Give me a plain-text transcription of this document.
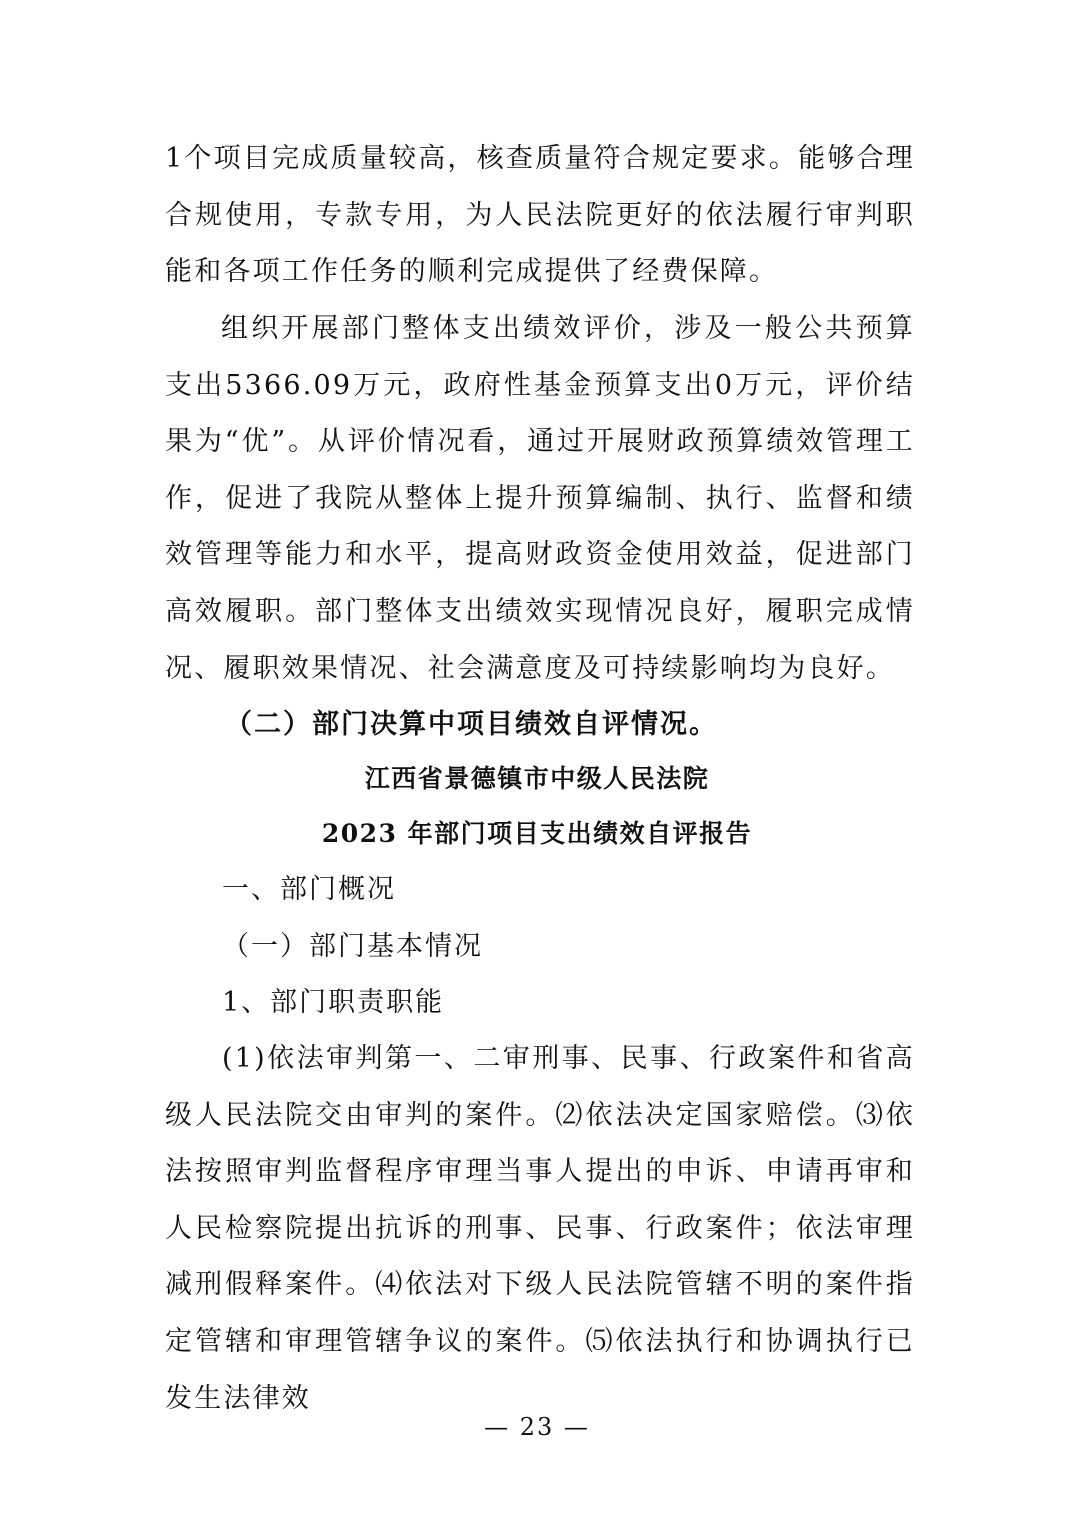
1个项目完成质量较高，核查质量符合规定要求。能够合理合规使用，专款专用，为人民法院更好的依法履行审判职能和各项工作任务的顺利完成提供了经费保障。

组织开展部门整体支出绩效评价，涉及一般公共预算支出5366.09万元，政府性基金预算支出0万元，评价结果为“优”。从评价情况看，通过开展财政预算绩效管理工作，促进了我院从整体上提升预算编制、执行、监督和绩效管理等能力和水平，提高财政资金使用效益，促进部门高效履职。部门整体支出绩效实现情况良好，履职完成情况、履职效果情况、社会满意度及可持续影响均为良好。

（二）部门决算中项目绩效自评情况。

江西省景德镇市中级人民法院

2023 年部门项目支出绩效自评报告

一、部门概况

（一）部门基本情况

1、部门职责职能

(1)依法审判第一、二审刑事、民事、行政案件和省高级人民法院交由审判的案件。⑵依法决定国家赔偿。⑶依法按照审判监督程序审理当事人提出的申诉、申请再审和人民检察院提出抗诉的刑事、民事、行政案件；依法审理减刑假释案件。⑷依法对下级人民法院管辖不明的案件指定管辖和审理管辖争议的案件。⑸依法执行和协调执行已发生法律效

— 23 —
